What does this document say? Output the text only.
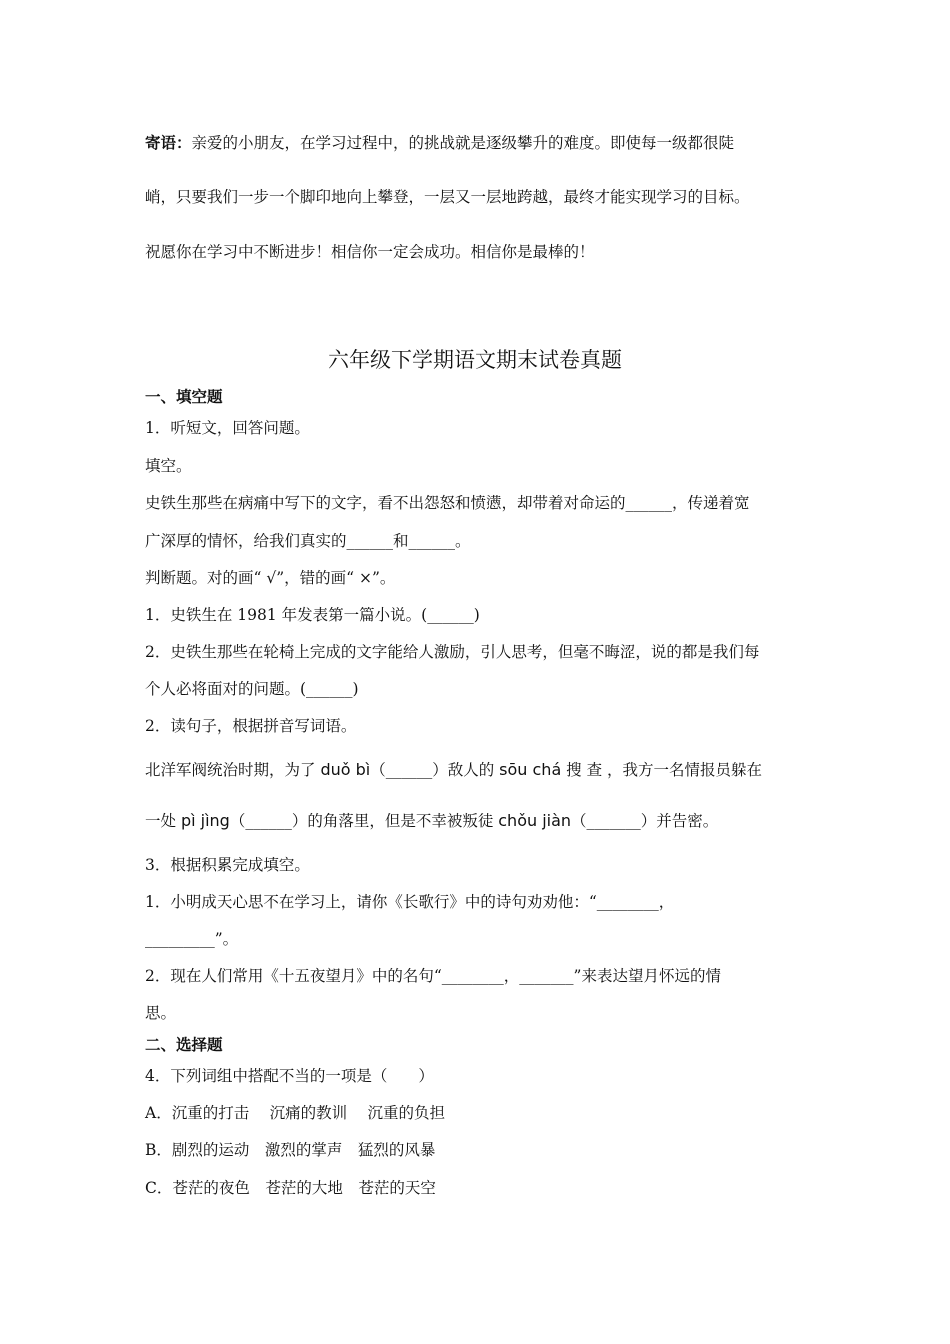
寄语：亲爱的小朋友，在学习过程中，的挑战就是逐级攀升的难度。即使每一级都很陡
峭，只要我们一步一个脚印地向上攀登，一层又一层地跨越，最终才能实现学习的目标。
祝愿你在学习中不断进步！相信你一定会成功。相信你是最棒的！
六年级下学期语文期末试卷真题
一、填空题
1．听短文，回答问题。
填空。
史铁生那些在病痛中写下的文字，看不出怨怒和愤懑，却带着对命运的______，传递着宽
广深厚的情怀，给我们真实的______和______。
判断题。对的画“ √”，错的画“ ×”。
1．史铁生在 1981 年发表第一篇小说。(______)
2．史铁生那些在轮椅上完成的文字能给人激励，引人思考，但毫不晦涩，说的都是我们每
个人必将面对的问题。(______)
2．读句子，根据拼音写词语。
北洋军阀统治时期，为了 duǒ bì（______）敌人的 sōu chá 搜 查 ，我方一名情报员躲在
一处 pì jìng（______）的角落里，但是不幸被叛徒 chǒu jiàn（_______）并告密。
3．根据积累完成填空。
1．小明成天心思不在学习上，请你《长歌行》中的诗句劝劝他：“________，
_________”。
2．现在人们常用《十五夜望月》中的名句“________，_______”来表达望月怀远的情
思。
二、选择题
4．下列词组中搭配不当的一项是（　　）
A．沉重的打击　 沉痛的教训　 沉重的负担
B．剧烈的运动　激烈的掌声　猛烈的风暴
C．苍茫的夜色　苍茫的大地　苍茫的天空
